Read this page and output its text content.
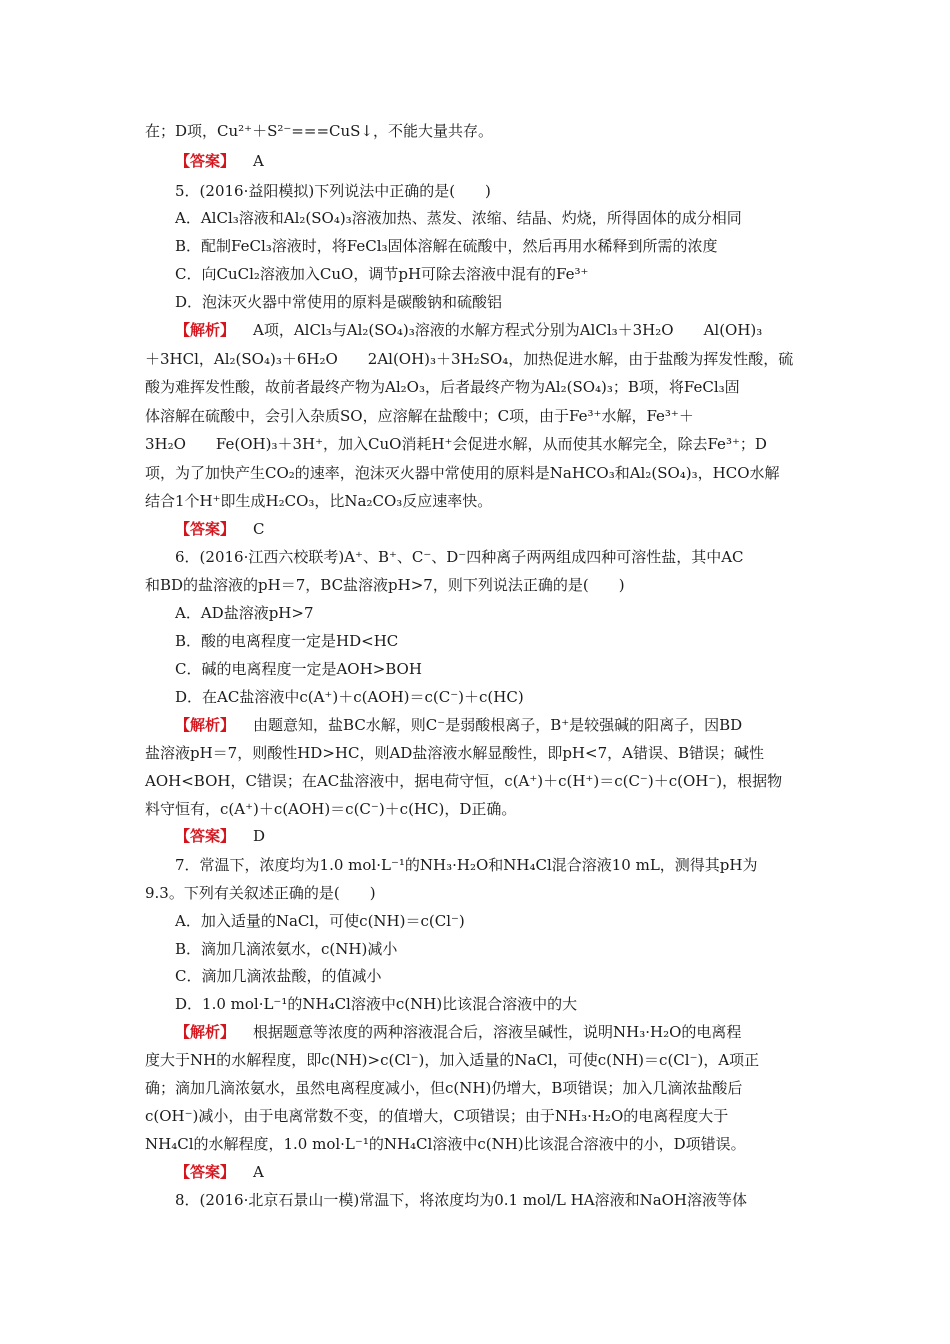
在；D项，Cu²⁺＋S²⁻===CuS↓，不能大量共存。
【答案】 A
5．(2016·益阳模拟)下列说法中正确的是(　　)
A．AlCl₃溶液和Al₂(SO₄)₃溶液加热、蒸发、浓缩、结晶、灼烧，所得固体的成分相同
B．配制FeCl₃溶液时，将FeCl₃固体溶解在硫酸中，然后再用水稀释到所需的浓度
C．向CuCl₂溶液加入CuO，调节pH可除去溶液中混有的Fe³⁺
D．泡沫灭火器中常使用的原料是碳酸钠和硫酸铝
【解析】 A项，AlCl₃与Al₂(SO₄)₃溶液的水解方程式分别为AlCl₃＋3H₂O　　Al(OH)₃
＋3HCl，Al₂(SO₄)₃＋6H₂O　　2Al(OH)₃＋3H₂SO₄，加热促进水解，由于盐酸为挥发性酸，硫
酸为难挥发性酸，故前者最终产物为Al₂O₃，后者最终产物为Al₂(SO₄)₃；B项，将FeCl₃固
体溶解在硫酸中，会引入杂质SO，应溶解在盐酸中；C项，由于Fe³⁺水解，Fe³⁺＋
3H₂O　　Fe(OH)₃＋3H⁺，加入CuO消耗H⁺会促进水解，从而使其水解完全，除去Fe³⁺；D
项，为了加快产生CO₂的速率，泡沫灭火器中常使用的原料是NaHCO₃和Al₂(SO₄)₃，HCO水解
结合1个H⁺即生成H₂CO₃，比Na₂CO₃反应速率快。
【答案】 C
6．(2016·江西六校联考)A⁺、B⁺、C⁻、D⁻四种离子两两组成四种可溶性盐，其中AC
和BD的盐溶液的pH＝7，BC盐溶液pH>7，则下列说法正确的是(　　)
A．AD盐溶液pH>7
B．酸的电离程度一定是HD<HC
C．碱的电离程度一定是AOH>BOH
D．在AC盐溶液中c(A⁺)＋c(AOH)＝c(C⁻)＋c(HC)
【解析】 由题意知，盐BC水解，则C⁻是弱酸根离子，B⁺是较强碱的阳离子，因BD
盐溶液pH＝7，则酸性HD>HC，则AD盐溶液水解显酸性，即pH<7，A错误、B错误；碱性
AOH<BOH，C错误；在AC盐溶液中，据电荷守恒，c(A⁺)＋c(H⁺)＝c(C⁻)＋c(OH⁻)，根据物
料守恒有，c(A⁺)＋c(AOH)＝c(C⁻)＋c(HC)，D正确。
【答案】 D
7．常温下，浓度均为1.0 mol·L⁻¹的NH₃·H₂O和NH₄Cl混合溶液10 mL，测得其pH为
9.3。下列有关叙述正确的是(　　)
A．加入适量的NaCl，可使c(NH)＝c(Cl⁻)
B．滴加几滴浓氨水，c(NH)减小
C．滴加几滴浓盐酸，的值减小
D．1.0 mol·L⁻¹的NH₄Cl溶液中c(NH)比该混合溶液中的大
【解析】 根据题意等浓度的两种溶液混合后，溶液呈碱性，说明NH₃·H₂O的电离程
度大于NH的水解程度，即c(NH)>c(Cl⁻)，加入适量的NaCl，可使c(NH)＝c(Cl⁻)，A项正
确；滴加几滴浓氨水，虽然电离程度减小，但c(NH)仍增大，B项错误；加入几滴浓盐酸后
c(OH⁻)减小，由于电离常数不变，的值增大，C项错误；由于NH₃·H₂O的电离程度大于
NH₄Cl的水解程度，1.0 mol·L⁻¹的NH₄Cl溶液中c(NH)比该混合溶液中的小，D项错误。
【答案】 A
8．(2016·北京石景山一模)常温下，将浓度均为0.1 mol/L HA溶液和NaOH溶液等体
